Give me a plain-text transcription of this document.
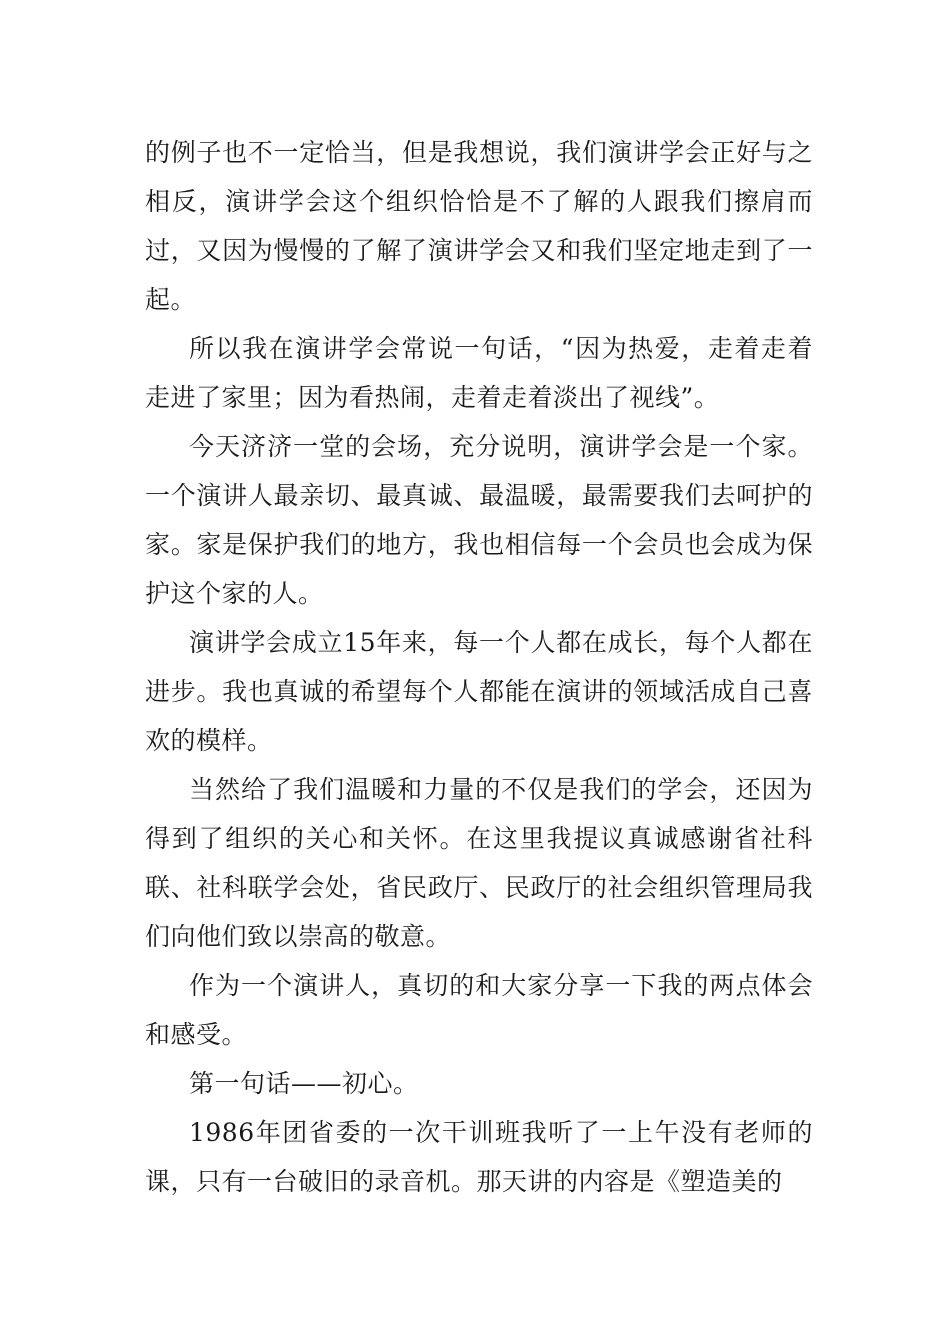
的例子也不一定恰当，但是我想说，我们演讲学会正好与之相反，演讲学会这个组织恰恰是不了解的人跟我们擦肩而过，又因为慢慢的了解了演讲学会又和我们坚定地走到了一起。

所以我在演讲学会常说一句话，“因为热爱，走着走着走进了家里；因为看热闹，走着走着淡出了视线”。

今天济济一堂的会场，充分说明，演讲学会是一个家。一个演讲人最亲切、最真诚、最温暖，最需要我们去呵护的家。家是保护我们的地方，我也相信每一个会员也会成为保护这个家的人。

演讲学会成立15年来，每一个人都在成长，每个人都在进步。我也真诚的希望每个人都能在演讲的领域活成自己喜欢的模样。

当然给了我们温暖和力量的不仅是我们的学会，还因为得到了组织的关心和关怀。在这里我提议真诚感谢省社科联、社科联学会处，省民政厅、民政厅的社会组织管理局我们向他们致以崇高的敬意。

作为一个演讲人，真切的和大家分享一下我的两点体会和感受。

第一句话——初心。

1986年团省委的一次干训班我听了一上午没有老师的课，只有一台破旧的录音机。那天讲的内容是《塑造美的
